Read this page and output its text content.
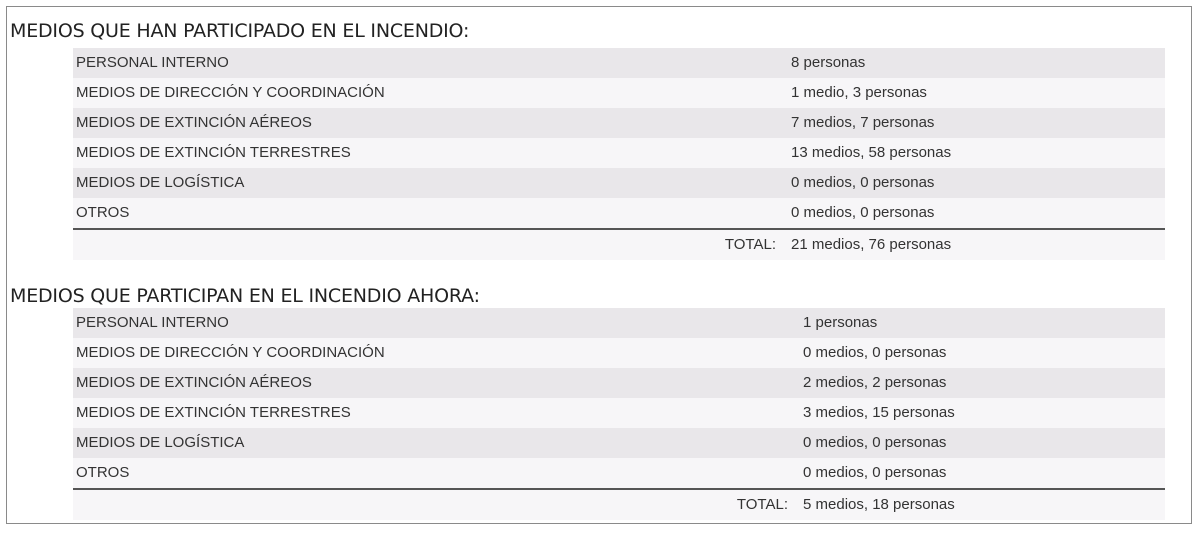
MEDIOS QUE HAN PARTICIPADO EN EL INCENDIO:
PERSONAL INTERNO	8 personas
MEDIOS DE DIRECCIÓN Y COORDINACIÓN	1 medio, 3 personas
MEDIOS DE EXTINCIÓN AÉREOS	7 medios, 7 personas
MEDIOS DE EXTINCIÓN TERRESTRES	13 medios, 58 personas
MEDIOS DE LOGÍSTICA	0 medios, 0 personas
OTROS	0 medios, 0 personas
TOTAL: 21 medios, 76 personas
MEDIOS QUE PARTICIPAN EN EL INCENDIO AHORA:
PERSONAL INTERNO	1 personas
MEDIOS DE DIRECCIÓN Y COORDINACIÓN	0 medios, 0 personas
MEDIOS DE EXTINCIÓN AÉREOS	2 medios, 2 personas
MEDIOS DE EXTINCIÓN TERRESTRES	3 medios, 15 personas
MEDIOS DE LOGÍSTICA	0 medios, 0 personas
OTROS	0 medios, 0 personas
TOTAL: 5 medios, 18 personas
